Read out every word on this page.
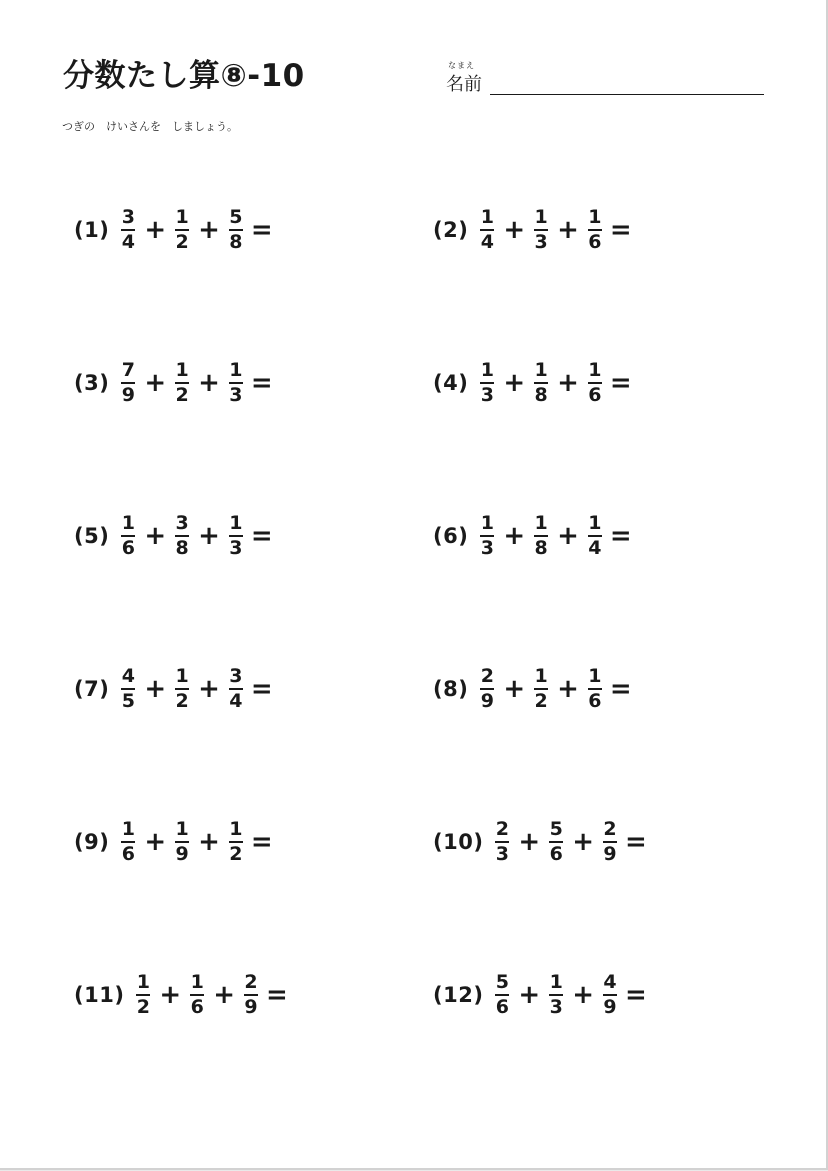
分数たし算⑧-10	なまえ
名前
つぎの　けいさんを　しましょう。
$(1) \frac{3}{4} + \frac{1}{2} + \frac{5}{8}$ =	$(2) \frac{1}{4} + \frac{1}{3} + \frac{1}{6}$ =
$(3) \frac{7}{9} + \frac{1}{2} + \frac{1}{3}$ =	$(4) \frac{1}{3} + \frac{1}{8} + \frac{1}{6}$ =
$(5) \frac{1}{6} + \frac{3}{8} + \frac{1}{3}$ =	$(6) \frac{1}{3} + \frac{1}{8} + \frac{1}{4}$ =
$(7) \frac{4}{5} + \frac{1}{2} + \frac{3}{4}$ =	$(8) \frac{2}{9} + \frac{1}{2} + \frac{1}{6}$ =
$(9) \frac{1}{6} + \frac{1}{9} + \frac{1}{2}$ =	$(10) \frac{2}{3} + \frac{5}{6} + \frac{2}{9}$ =
$(11) \frac{1}{2} + \frac{1}{6} + \frac{2}{9}$ =	$(12) \frac{5}{6} + \frac{1}{3} + \frac{4}{9}$ =
